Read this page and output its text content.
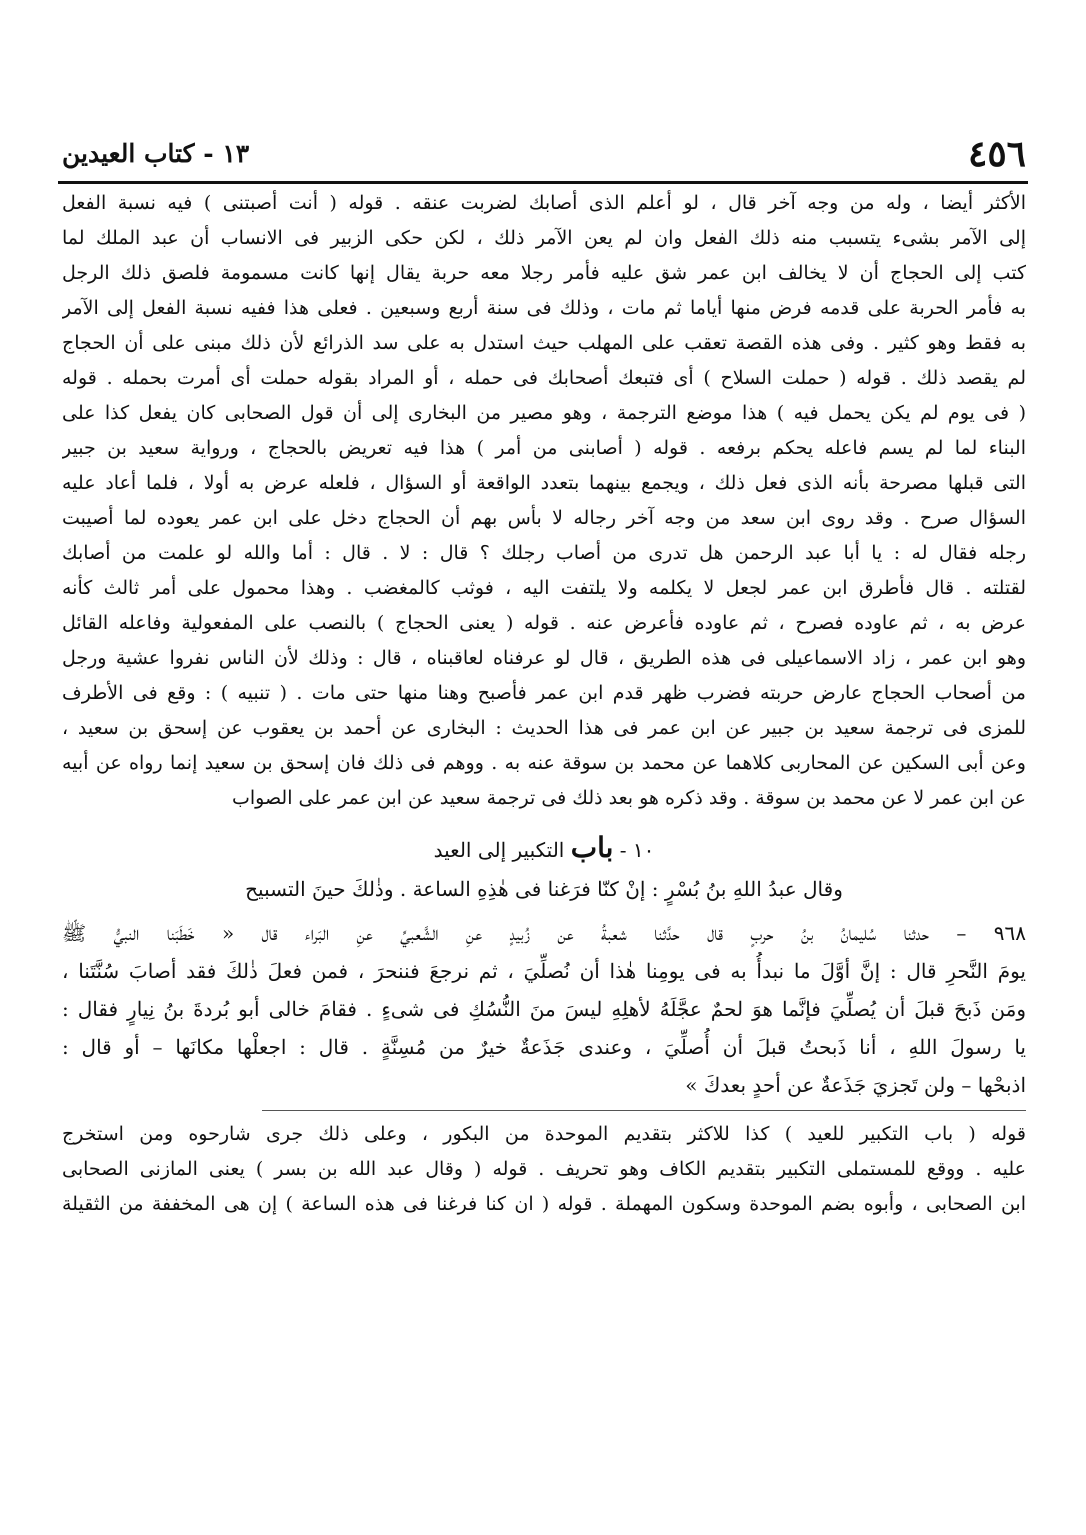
٤٥٦
١٣ - كتاب العيدين
الأكثر أيضا ، وله من وجه آخر قال ، لو أعلم الذى أصابك لضربت عنقه . قوله ( أنت أصبتنى ) فيه نسبة الفعل
إلى الآمر بشىء يتسبب منه ذلك الفعل وان لم يعن الآمر ذلك ، لكن حكى الزبير فى الانساب أن عبد الملك لما
كتب إلى الحجاج أن لا يخالف ابن عمر شق عليه فأمر رجلا معه حربة يقال إنها كانت مسمومة فلصق ذلك الرجل
به فأمر الحربة على قدمه فرض منها أياما ثم مات ، وذلك فى سنة أربع وسبعين . فعلى هذا ففيه نسبة الفعل إلى الآمر
به فقط وهو كثير . وفى هذه القصة تعقب على المهلب حيث استدل به على سد الذرائع لأن ذلك مبنى على أن الحجاج
لم يقصد ذلك . قوله ( حملت السلاح ) أى فتبعك أصحابك فى حمله ، أو المراد بقوله حملت أى أمرت بحمله . قوله
( فى يوم لم يكن يحمل فيه ) هذا موضع الترجمة ، وهو مصير من البخارى إلى أن قول الصحابى كان يفعل كذا على
البناء لما لم يسم فاعله يحكم برفعه . قوله ( أصابنى من أمر ) هذا فيه تعريض بالحجاج ، ورواية سعيد بن جبير
التى قبلها مصرحة بأنه الذى فعل ذلك ، ويجمع بينهما بتعدد الواقعة أو السؤال ، فلعله عرض به أولا ، فلما أعاد عليه
السؤال صرح . وقد روى ابن سعد من وجه آخر رجاله لا بأس بهم أن الحجاج دخل على ابن عمر يعوده لما أصيبت
رجله فقال له : يا أبا عبد الرحمن هل تدرى من أصاب رجلك ؟ قال : لا . قال : أما والله لو علمت من أصابك
لقتلته . قال فأطرق ابن عمر لجعل لا يكلمه ولا يلتفت اليه ، فوثب كالمغضب . وهذا محمول على أمر ثالث كأنه
عرض به ، ثم عاوده فصرح ، ثم عاوده فأعرض عنه . قوله ( يعنى الحجاج ) بالنصب على المفعولية وفاعله القائل
وهو ابن عمر ، زاد الاسماعيلى فى هذه الطريق ، قال لو عرفناه لعاقبناه ، قال : وذلك لأن الناس نفروا عشية ورجل
من أصحاب الحجاج عارض حربته فضرب ظهر قدم ابن عمر فأصبح وهنا منها حتى مات . ( تنبيه ) : وقع فى الأطرف
للمزى فى ترجمة سعيد بن جبير عن ابن عمر فى هذا الحديث : البخارى عن أحمد بن يعقوب عن إسحق بن سعيد ،
وعن أبى السكين عن المحاربى كلاهما عن محمد بن سوقة عنه به . ووهم فى ذلك فان إسحق بن سعيد إنما رواه عن أبيه
عن ابن عمر لا عن محمد بن سوقة . وقد ذكره هو بعد ذلك فى ترجمة سعيد عن ابن عمر على الصواب
١٠ - باب التكبير إلى العيد
وقال عبدُ اللهِ بنُ بُسْرٍ : إنْ كنّا فرَغنا فى هٰذِهِ الساعة . وذٰلكَ حينَ التسبيح
٩٦٨ – حدثنا سُليمانُ بنُ حربٍ قال حدَّثنا شعبةُ عن زُبيدٍ عنِ الشَّعبيِّ عنِ البَراء قال « خَطَبَنا النبيُّ ﷺ
يومَ النَّحرِ قال : إنَّ أوَّلَ ما نبدأُ به فى يومِنا هٰذا أن نُصلِّيَ ، ثم نرجعَ فننحرَ ، فمن فعلَ ذٰلكَ فقد أصابَ سُنَّتَنا ،
ومَن ذَبحَ قبلَ أن يُصلِّيَ فإنَّما هوَ لحمٌ عجَّلَهُ لأهلِهِ ليسَ منَ النُّسُكِ فى شىءٍ . فقامَ خالى أبو بُردةَ بنُ نِيارٍ فقال :
يا رسولَ اللهِ ، أنا ذَبحتُ قبلَ أن أُصلِّيَ ، وعندى جَذَعةٌ خيرٌ من مُسِنَّةٍ . قال : اجعلْها مكانَها – أو قال :
اذبحْها – ولن تَجزيَ جَذَعةٌ عن أحدٍ بعدكَ »
قوله ( باب التكبير للعيد ) كذا للاكثر بتقديم الموحدة من البكور ، وعلى ذلك جرى شارحوه ومن استخرج
عليه . ووقع للمستملى التكبير بتقديم الكاف وهو تحريف . قوله ( وقال عبد الله بن بسر ) يعنى المازنى الصحابى
ابن الصحابى ، وأبوه بضم الموحدة وسكون المهملة . قوله ( ان كنا فرغنا فى هذه الساعة ) إن هى المخففة من الثقيلة
